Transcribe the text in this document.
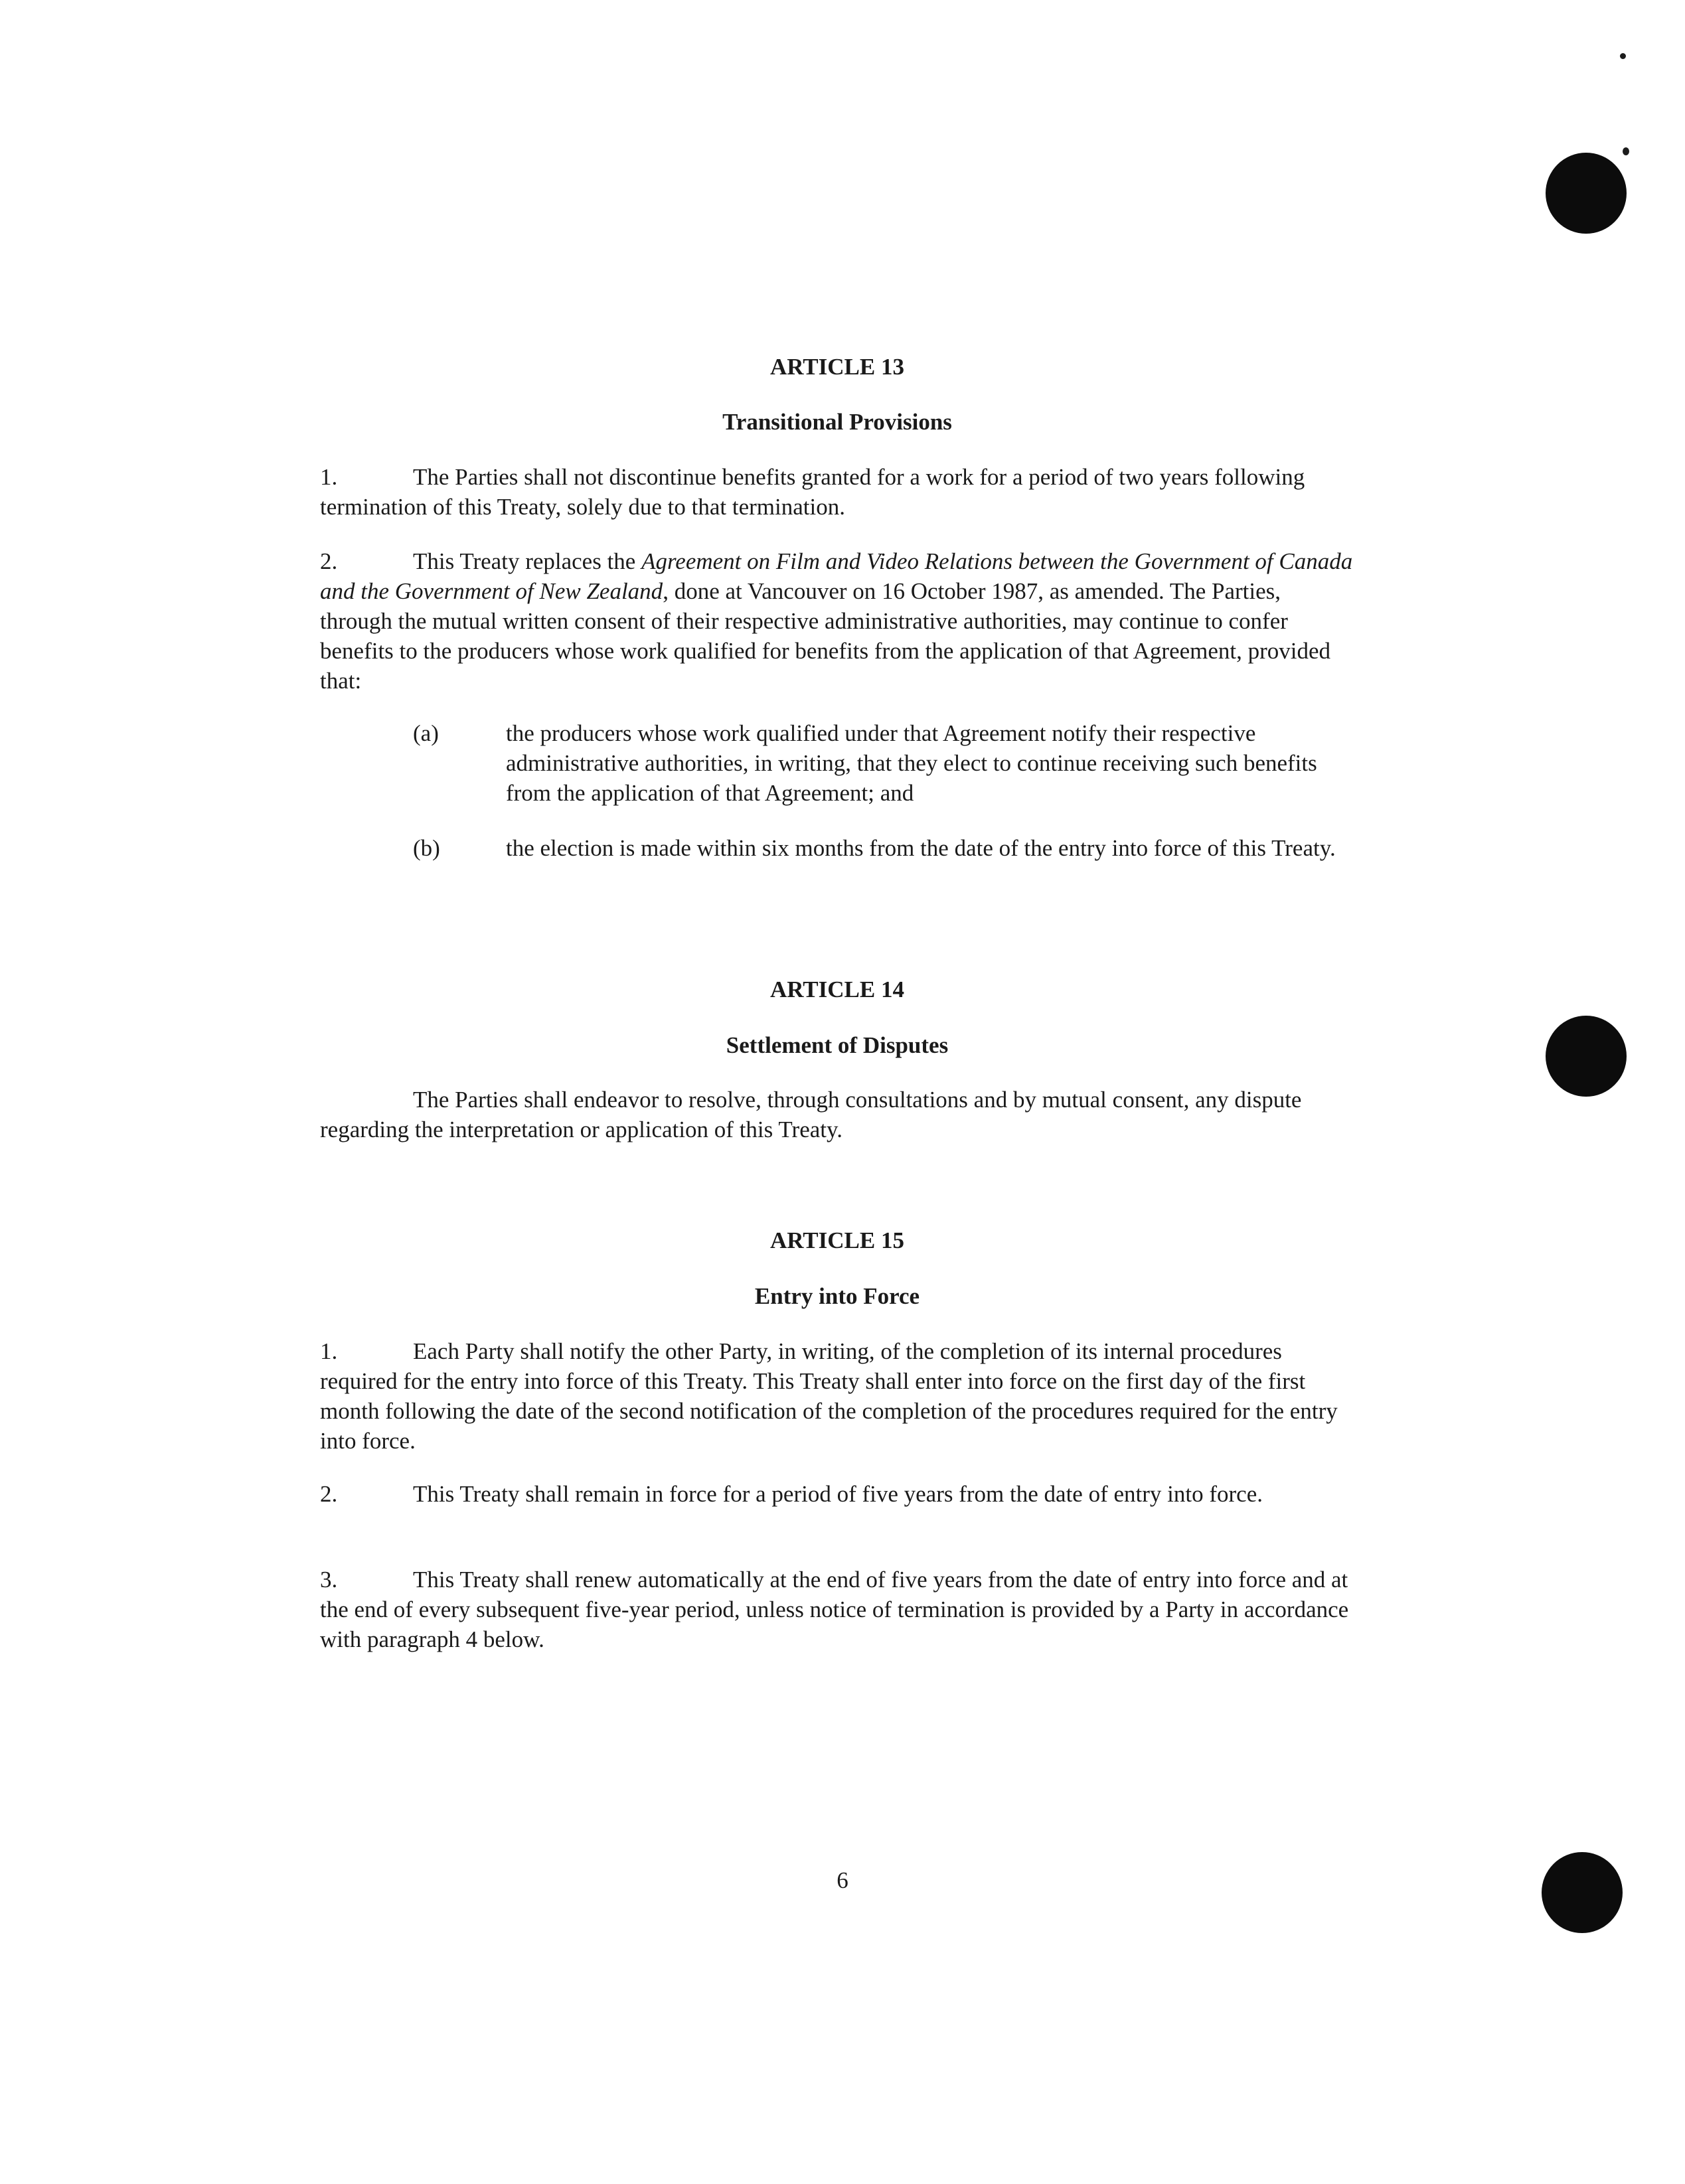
ARTICLE 13
Transitional Provisions
1.	The Parties shall not discontinue benefits granted for a work for a period of two years following termination of this Treaty, solely due to that termination.
2.	This Treaty replaces the Agreement on Film and Video Relations between the Government of Canada and the Government of New Zealand, done at Vancouver on 16 October 1987, as amended. The Parties, through the mutual written consent of their respective administrative authorities, may continue to confer benefits to the producers whose work qualified for benefits from the application of that Agreement, provided that:
(a)	the producers whose work qualified under that Agreement notify their respective administrative authorities, in writing, that they elect to continue receiving such benefits from the application of that Agreement; and
(b)	the election is made within six months from the date of the entry into force of this Treaty.
ARTICLE 14
Settlement of Disputes
The Parties shall endeavor to resolve, through consultations and by mutual consent, any dispute regarding the interpretation or application of this Treaty.
ARTICLE 15
Entry into Force
1.	Each Party shall notify the other Party, in writing, of the completion of its internal procedures required for the entry into force of this Treaty. This Treaty shall enter into force on the first day of the first month following the date of the second notification of the completion of the procedures required for the entry into force.
2.	This Treaty shall remain in force for a period of five years from the date of entry into force.
3.	This Treaty shall renew automatically at the end of five years from the date of entry into force and at the end of every subsequent five-year period, unless notice of termination is provided by a Party in accordance with paragraph 4 below.
6
